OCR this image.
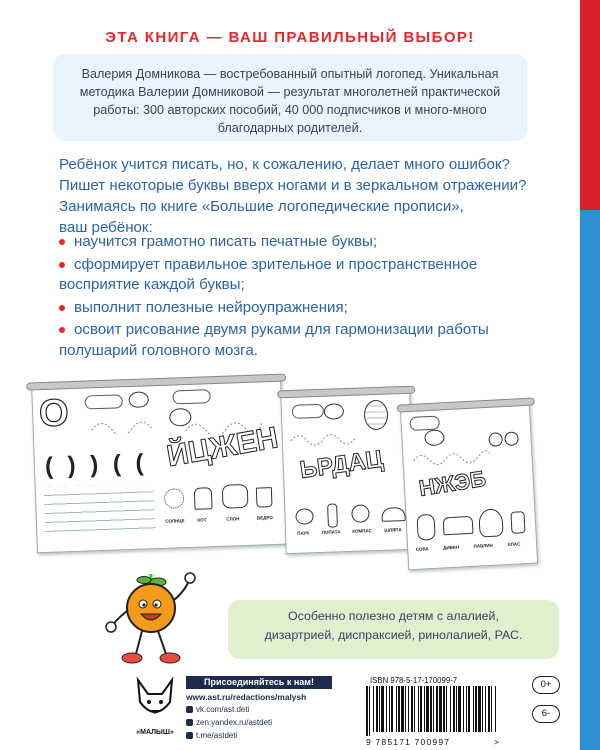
ЭТА КНИГА — ВАШ ПРАВИЛЬНЫЙ ВЫБОР!
Валерия Домникова — востребованный опытный логопед. Уникальная
методика Валерии Домниковой — результат многолетней практической
работы: 300 авторских пособий, 40 000 подписчиков и много-много
благодарных родителей.
Ребёнок учится писать, но, к сожалению, делает много ошибок?
Пишет некоторые буквы вверх ногами и в зеркальном отражении?
Занимаясь по книге «Большие логопедические прописи»,
ваш ребёнок:
научится грамотно писать печатные буквы;
сформирует правильное зрительное и пространственное
восприятие каждой буквы;
выполнит полезные нейроупражнения;
освоит рисование двумя руками для гармонизации работы
полушарий головного мозга.
О
( ) ) ( ( ЙЦЖЕН
СОЛНЦЕ	КОТ	СЛОН	ВЕДРО
ЬРДАЦ
ПАУК	ЛОПАТА	КОМПАС	ШЛЯПА
НЖЭБ
СОВА	ДИВАН	ПАВЛИН	КЛАС
Особенно полезно детям с алалией,
дизартрией, диспраксией, ринолалией, РАС.
«МАЛЫШ»
Присоединяйтесь к нам!
www.ast.ru/redactions/malysh
vk.com/ast.deti
zen.yandex.ru/astdeti
t.me/astdeti
ISBN 978-5-17-170099-7
9 785171 700997	>
0+
6-
